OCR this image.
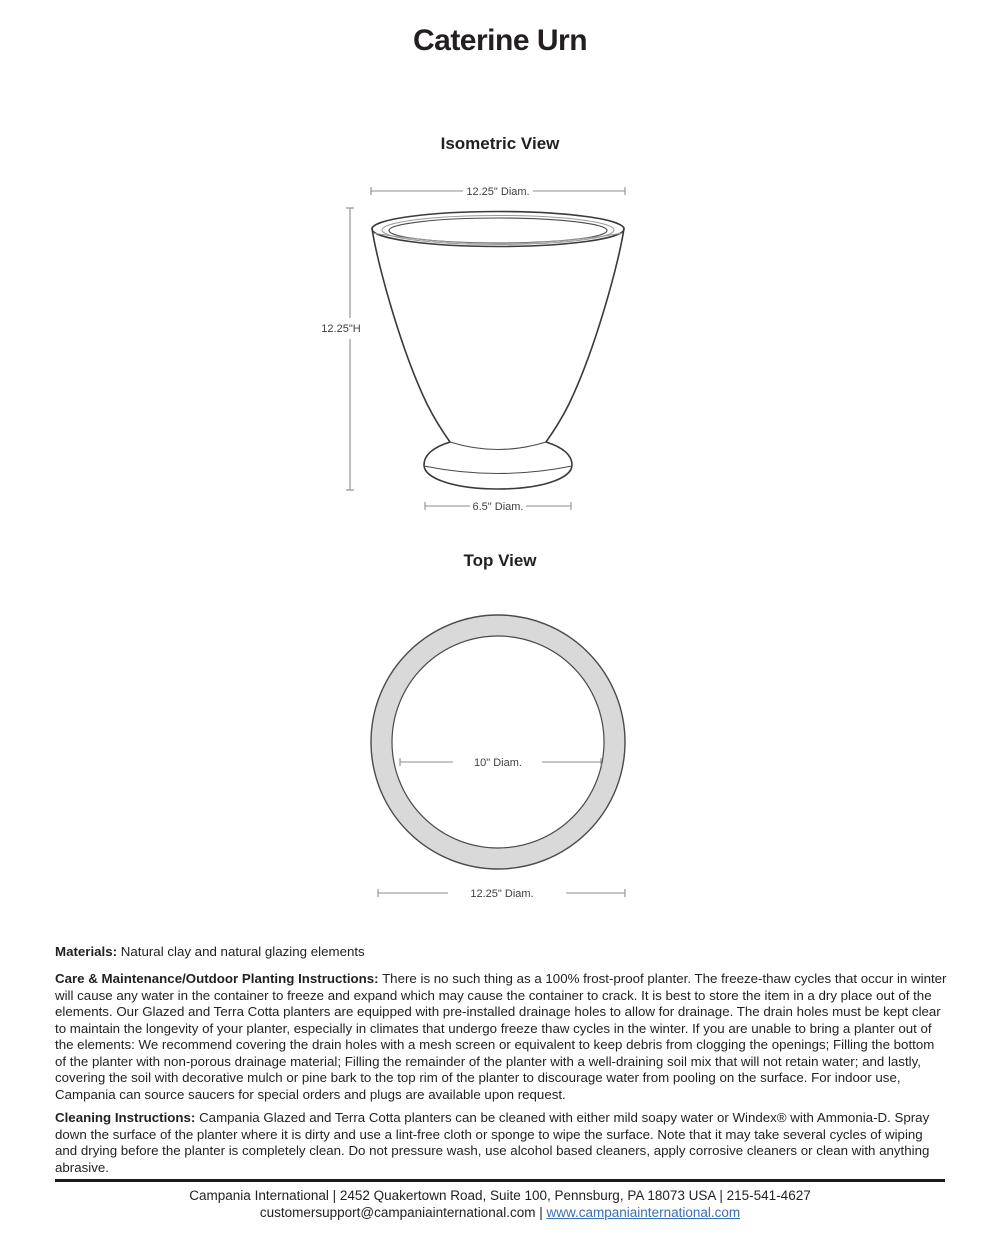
Caterine Urn
Isometric View
12.25" Diam.
12.25"H
6.5" Diam.
Top View
10" Diam.
12.25" Diam.

Materials: Natural clay and natural glazing elements

Care & Maintenance/Outdoor Planting Instructions: There is no such thing as a 100% frost-proof planter. The freeze-thaw cycles that occur in winter will cause any water in the container to freeze and expand which may cause the container to crack. It is best to store the item in a dry place out of the elements. Our Glazed and Terra Cotta planters are equipped with pre-installed drainage holes to allow for drainage. The drain holes must be kept clear to maintain the longevity of your planter, especially in climates that undergo freeze thaw cycles in the winter. If you are unable to bring a planter out of the elements: We recommend covering the drain holes with a mesh screen or equivalent to keep debris from clogging the openings; Filling the bottom of the planter with non-porous drainage material; Filling the remainder of the planter with a well-draining soil mix that will not retain water; and lastly, covering the soil with decorative mulch or pine bark to the top rim of the planter to discourage water from pooling on the surface. For indoor use, Campania can source saucers for special orders and plugs are available upon request.

Cleaning Instructions: Campania Glazed and Terra Cotta planters can be cleaned with either mild soapy water or Windex® with Ammonia-D. Spray down the surface of the planter where it is dirty and use a lint-free cloth or sponge to wipe the surface. Note that it may take several cycles of wiping and drying before the planter is completely clean. Do not pressure wash, use alcohol based cleaners, apply corrosive cleaners or clean with anything abrasive.

Campania International | 2452 Quakertown Road, Suite 100, Pennsburg, PA 18073 USA | 215-541-4627

customersupport@campaniainternational.com | www.campaniainternational.com
